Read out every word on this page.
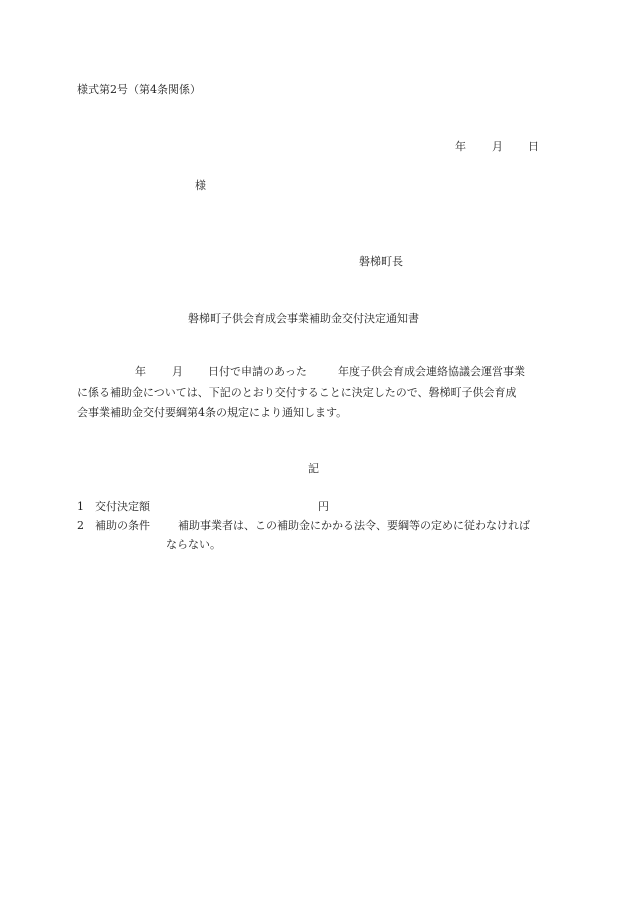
様式第2号（第4条関係）
年 月 日
様
磐梯町長
磐梯町子供会育成会事業補助金交付決定通知書
年 月 日付で申請のあった	年度子供会育成会連絡協議会運営事業
に係る補助金については、下記のとおり交付することに決定したので、磐梯町子供会育成
会事業補助金交付要綱第4条の規定により通知します。
記
1 交付決定額	円
2 補助の条件	補助事業者は、この補助金にかかる法令、要綱等の定めに従わなければ
ならない。
